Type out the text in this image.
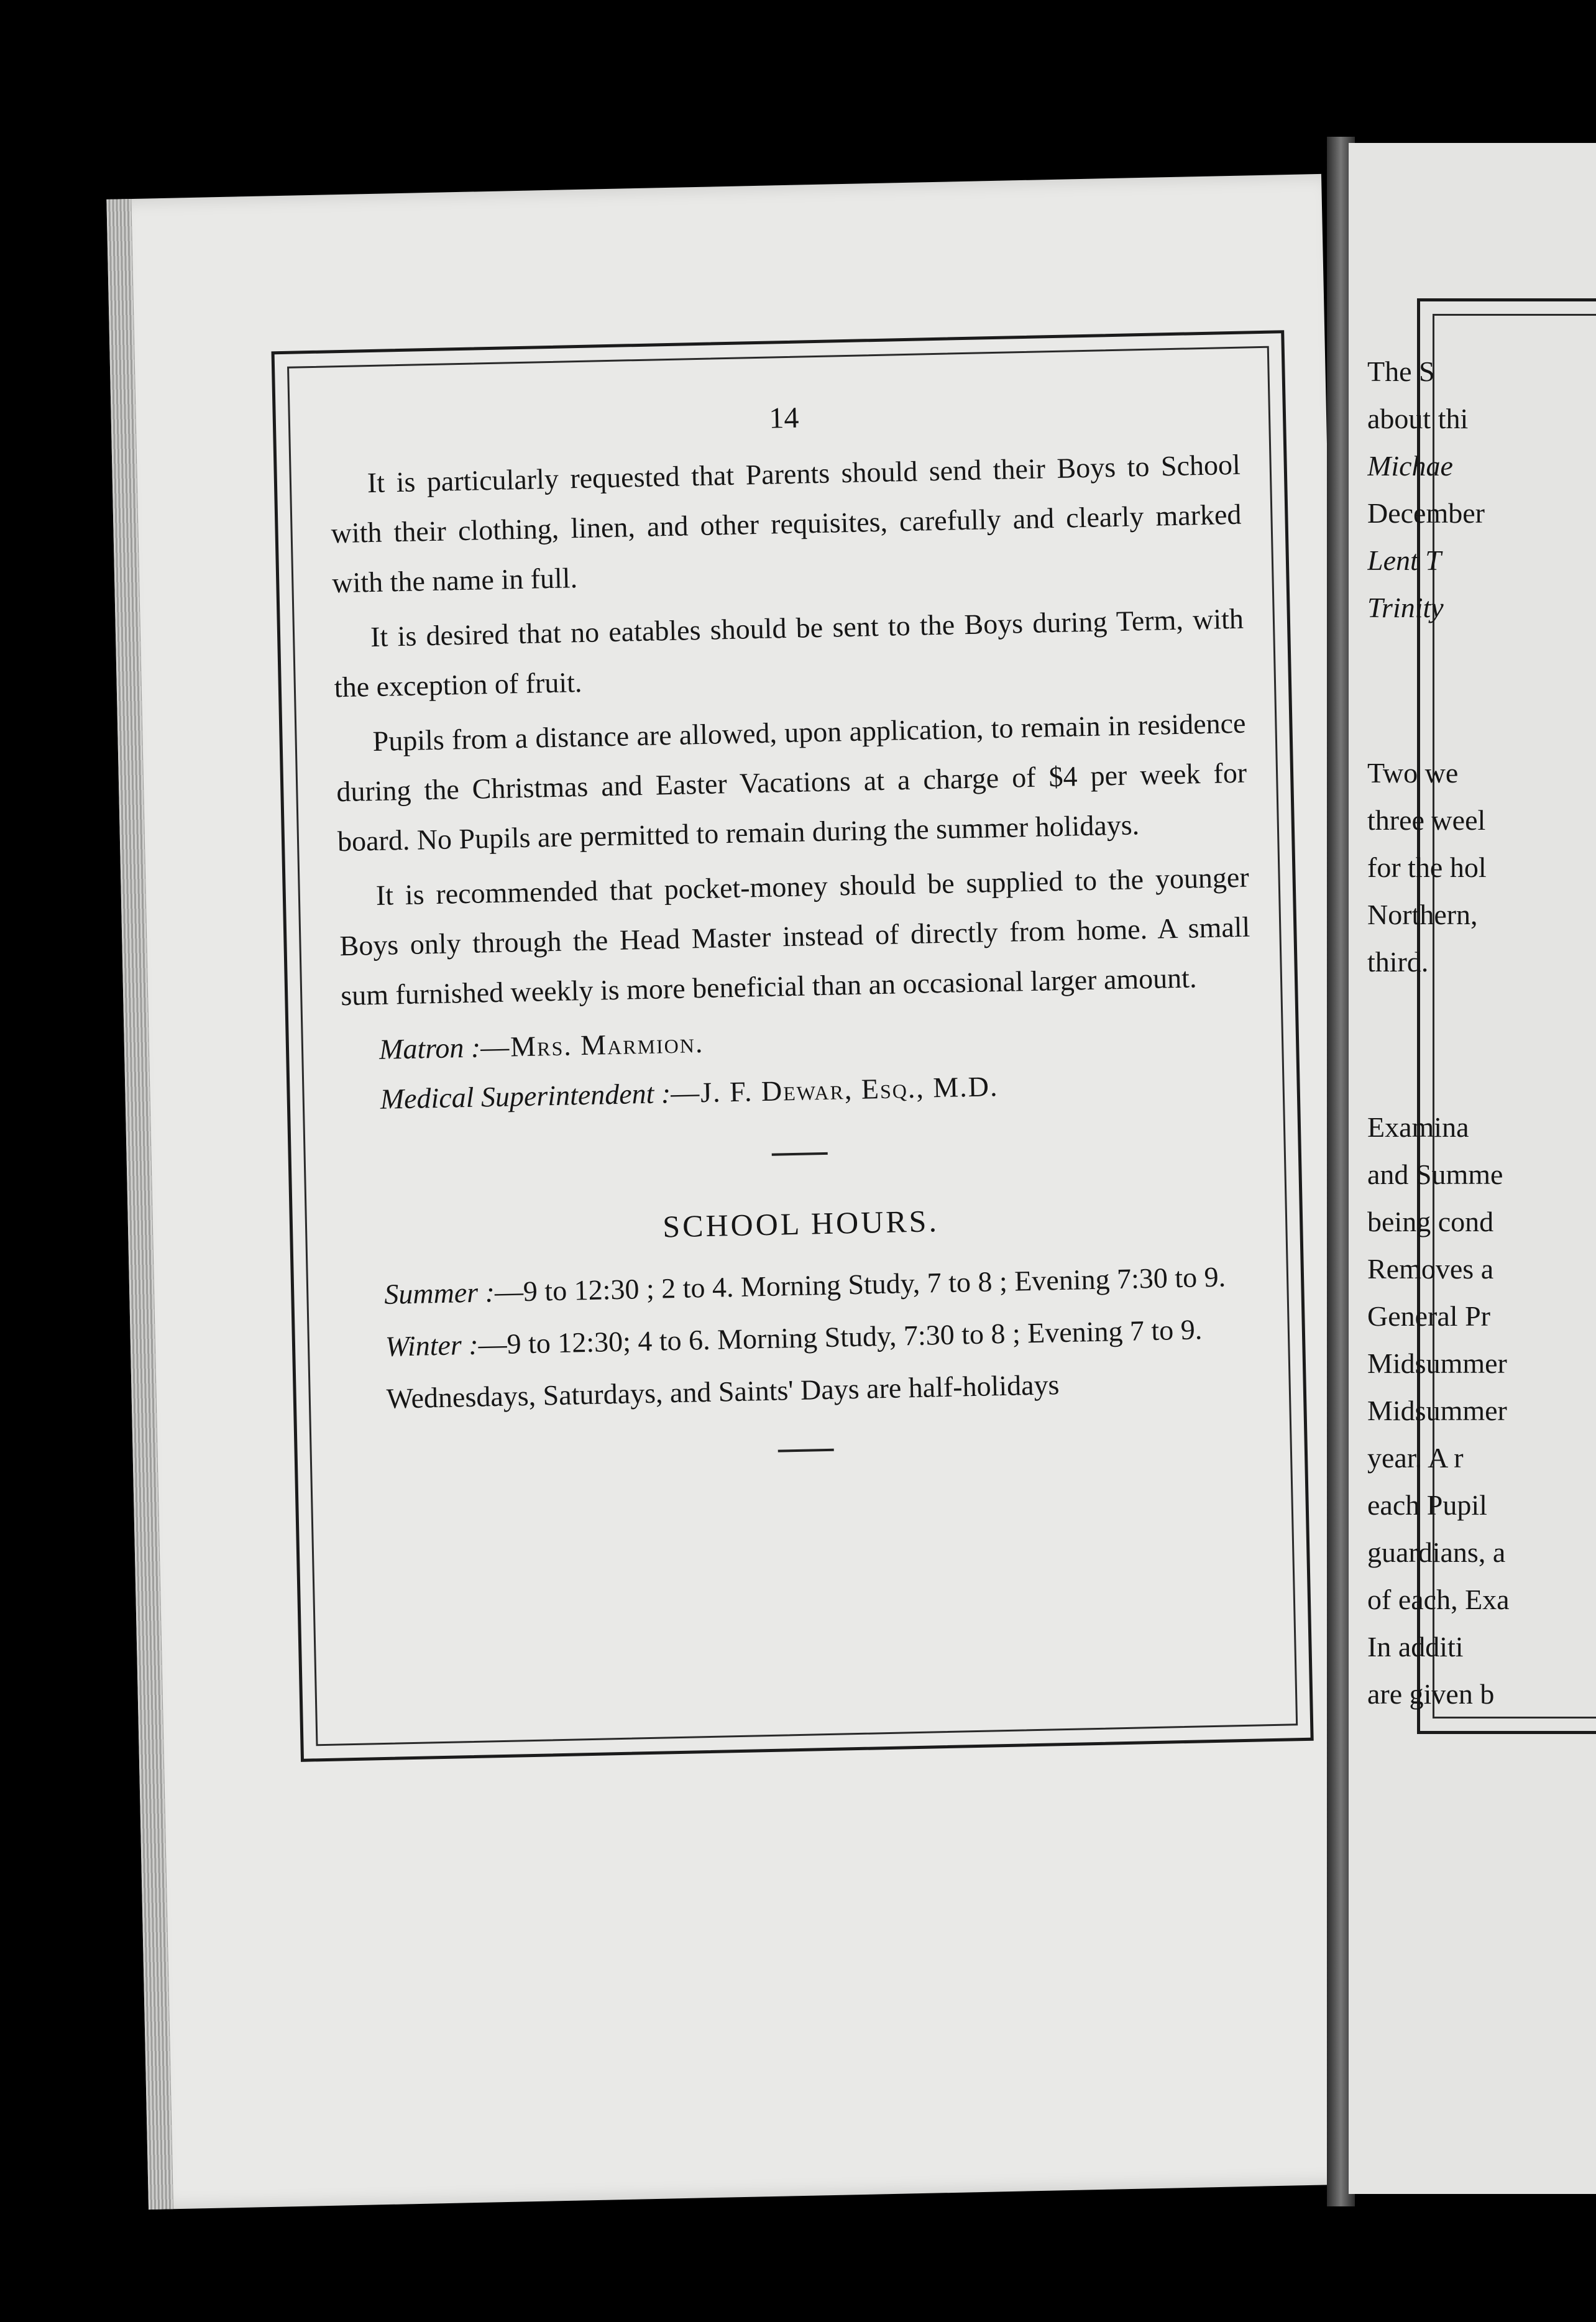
14

It is particularly requested that Parents should send their Boys to School with their clothing, linen, and other requisites, carefully and clearly marked with the name in full.

It is desired that no eatables should be sent to the Boys during Term, with the exception of fruit.

Pupils from a distance are allowed, upon application, to remain in residence during the Christmas and Easter Vacations at a charge of $4 per week for board. No Pupils are permitted to remain during the summer holidays.

It is recommended that pocket-money should be supplied to the younger Boys only through the Head Master instead of directly from home. A small sum furnished weekly is more beneficial than an occasional larger amount.

Matron :—Mrs. Marmion.

Medical Superintendent :—J. F. Dewar, Esq., M.D.

SCHOOL HOURS.

Summer :—9 to 12:30 ; 2 to 4. Morning Study, 7 to 8 ; Evening 7:30 to 9.

Winter :—9 to 12:30; 4 to 6. Morning Study, 7:30 to 8 ; Evening 7 to 9.

Wednesdays, Saturdays, and Saints' Days are half-holidays

The S
about thi
Michae
December
Lent T
Trinity
Two we
three weel
for the hol
Northern,
third.
Examina
and Summe
being cond
Removes a
General Pr
Midsummer
Midsummer
year. A r
each Pupil
guardians, a
of each, Exa
In additi
are given b
